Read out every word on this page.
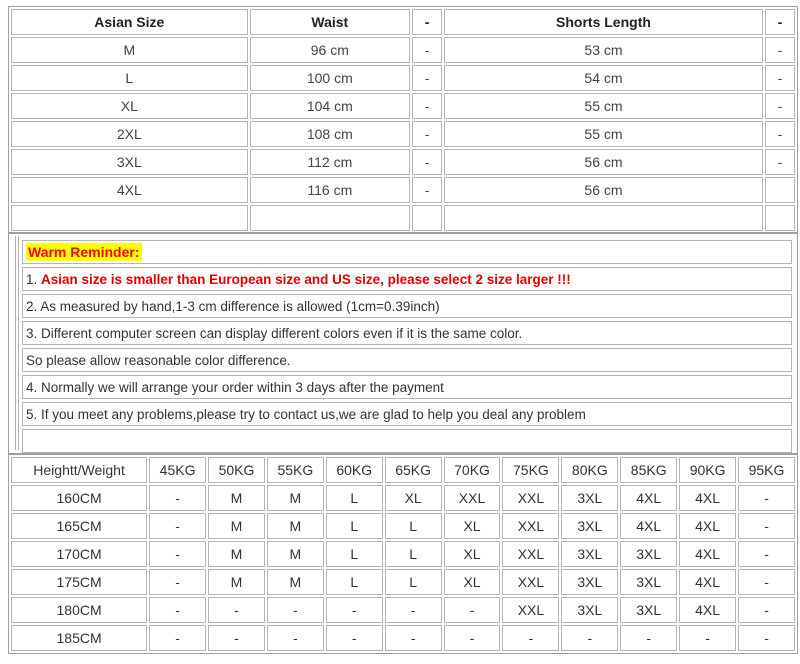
Asian Size	Waist	-	Shorts Length	-
M	96 cm	-	53 cm	-
L	100 cm	-	54 cm	-
XL	104 cm	-	55 cm	-
2XL	108 cm	-	55 cm	-
3XL	112 cm	-	56 cm	-
4XL	116 cm	-	56 cm	

Warm Reminder:
1. Asian size is smaller than European size and US size, please select 2 size larger !!!
2. As measured by hand,1-3 cm difference is allowed (1cm=0.39inch)
3. Different computer screen can display different colors even if it is the same color.
So please allow reasonable color difference.
4. Normally we will arrange your order within 3 days after the payment
5. If you meet any problems,please try to contact us,we are glad to help you deal any problem

Heightt/Weight	45KG	50KG	55KG	60KG	65KG	70KG	75KG	80KG	85KG	90KG	95KG
160CM	-	M	M	L	XL	XXL	XXL	3XL	4XL	4XL	-
165CM	-	M	M	L	L	XL	XXL	3XL	4XL	4XL	-
170CM	-	M	M	L	L	XL	XXL	3XL	3XL	4XL	-
175CM	-	M	M	L	L	XL	XXL	3XL	3XL	4XL	-
180CM	-	-	-	-	-	-	XXL	3XL	3XL	4XL	-
185CM	-	-	-	-	-	-	-	-	-	-	-
